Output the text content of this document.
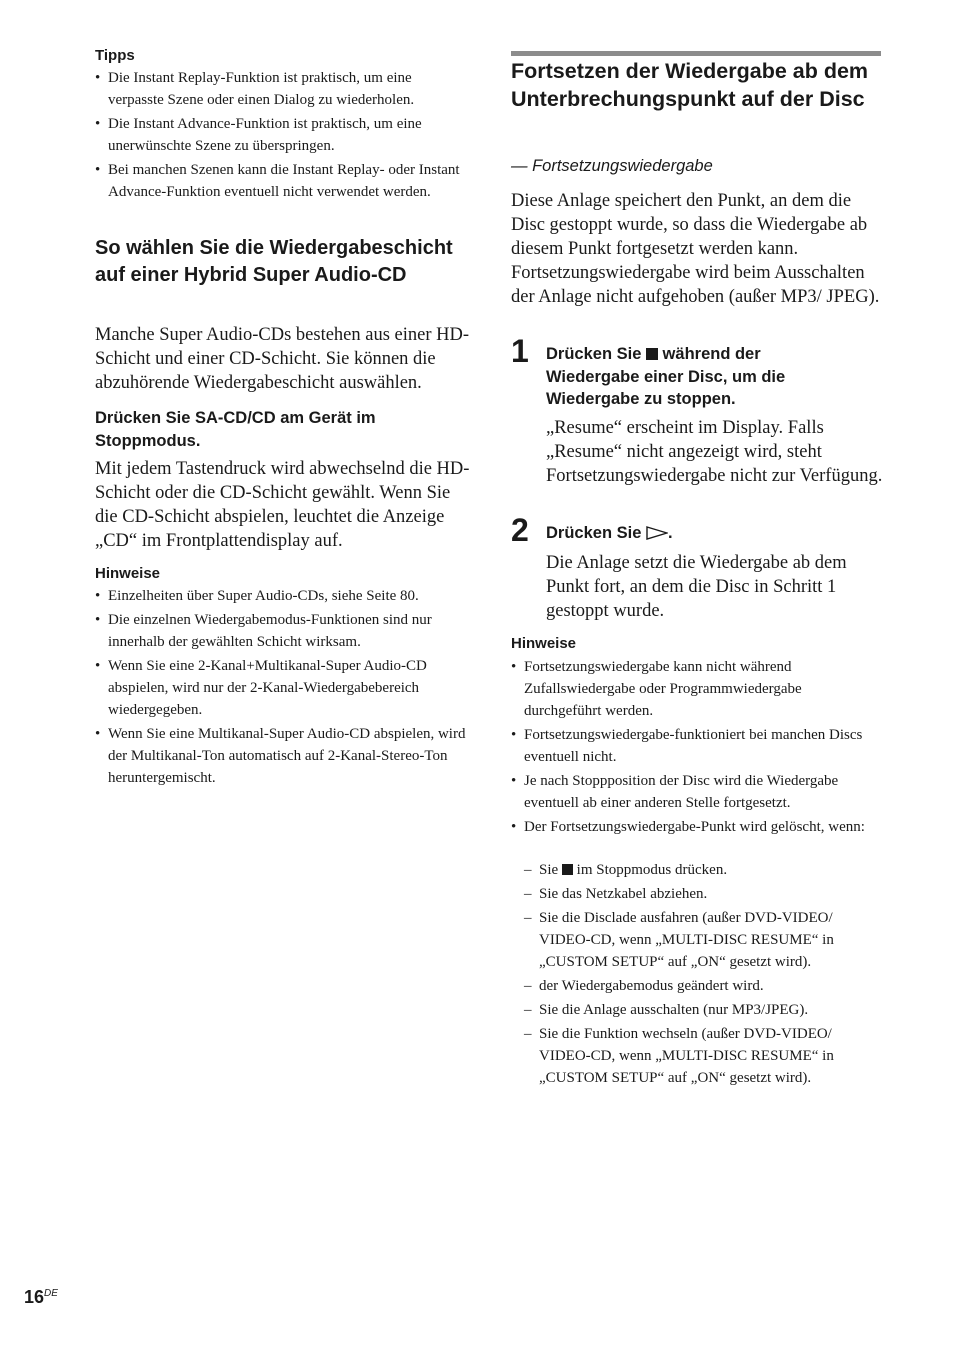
Tipps
• Die Instant Replay-Funktion ist praktisch, um eine verpasste Szene oder einen Dialog zu wiederholen.
• Die Instant Advance-Funktion ist praktisch, um eine unerwünschte Szene zu überspringen.
• Bei manchen Szenen kann die Instant Replay- oder Instant Advance-Funktion eventuell nicht verwendet werden.
So wählen Sie die Wiedergabeschicht auf einer Hybrid Super Audio-CD

Manche Super Audio-CDs bestehen aus einer HD-Schicht und einer CD-Schicht. Sie können die abzuhörende Wiedergabeschicht auswählen.

Drücken Sie SA-CD/CD am Gerät im Stoppmodus.

Mit jedem Tastendruck wird abwechselnd die HD-Schicht oder die CD-Schicht gewählt. Wenn Sie die CD-Schicht abspielen, leuchtet die Anzeige „CD“ im Frontplattendisplay auf.

Hinweise
• Einzelheiten über Super Audio-CDs, siehe Seite 80.
• Die einzelnen Wiedergabemodus-Funktionen sind nur innerhalb der gewählten Schicht wirksam.
• Wenn Sie eine 2-Kanal+Multikanal-Super Audio-CD abspielen, wird nur der 2-Kanal-Wiedergabebereich wiedergegeben.
• Wenn Sie eine Multikanal-Super Audio-CD abspielen, wird der Multikanal-Ton automatisch auf 2-Kanal-Stereo-Ton heruntergemischt.
Fortsetzen der Wiedergabe ab dem Unterbrechungspunkt auf der Disc
— Fortsetzungswiedergabe

Diese Anlage speichert den Punkt, an dem die Disc gestoppt wurde, so dass die Wiedergabe ab diesem Punkt fortgesetzt werden kann. Fortsetzungswiedergabe wird beim Ausschalten der Anlage nicht aufgehoben (außer MP3/ JPEG).

1 Drücken Sie  während der Wiedergabe einer Disc, um die Wiedergabe zu stoppen.

„Resume“ erscheint im Display. Falls „Resume“ nicht angezeigt wird, steht Fortsetzungswiedergabe nicht zur Verfügung.

2 Drücken Sie .

Die Anlage setzt die Wiedergabe ab dem Punkt fort, an dem die Disc in Schritt 1 gestoppt wurde.

Hinweise
• Fortsetzungswiedergabe kann nicht während Zufallswiedergabe oder Programmwiedergabe durchgeführt werden.
• Fortsetzungswiedergabe-funktioniert bei manchen Discs eventuell nicht.
• Je nach Stoppposition der Disc wird die Wiedergabe eventuell ab einer anderen Stelle fortgesetzt.
• Der Fortsetzungswiedergabe-Punkt wird gelöscht, wenn:
– Sie  im Stoppmodus drücken.
– Sie das Netzkabel abziehen.
– Sie die Disclade ausfahren (außer DVD-VIDEO/ VIDEO-CD, wenn „MULTI-DISC RESUME“ in „CUSTOM SETUP“ auf „ON“ gesetzt wird).
– der Wiedergabemodus geändert wird.
– Sie die Anlage ausschalten (nur MP3/JPEG).
– Sie die Funktion wechseln (außer DVD-VIDEO/ VIDEO-CD, wenn „MULTI-DISC RESUME“ in „CUSTOM SETUP“ auf „ON“ gesetzt wird).
16DE
